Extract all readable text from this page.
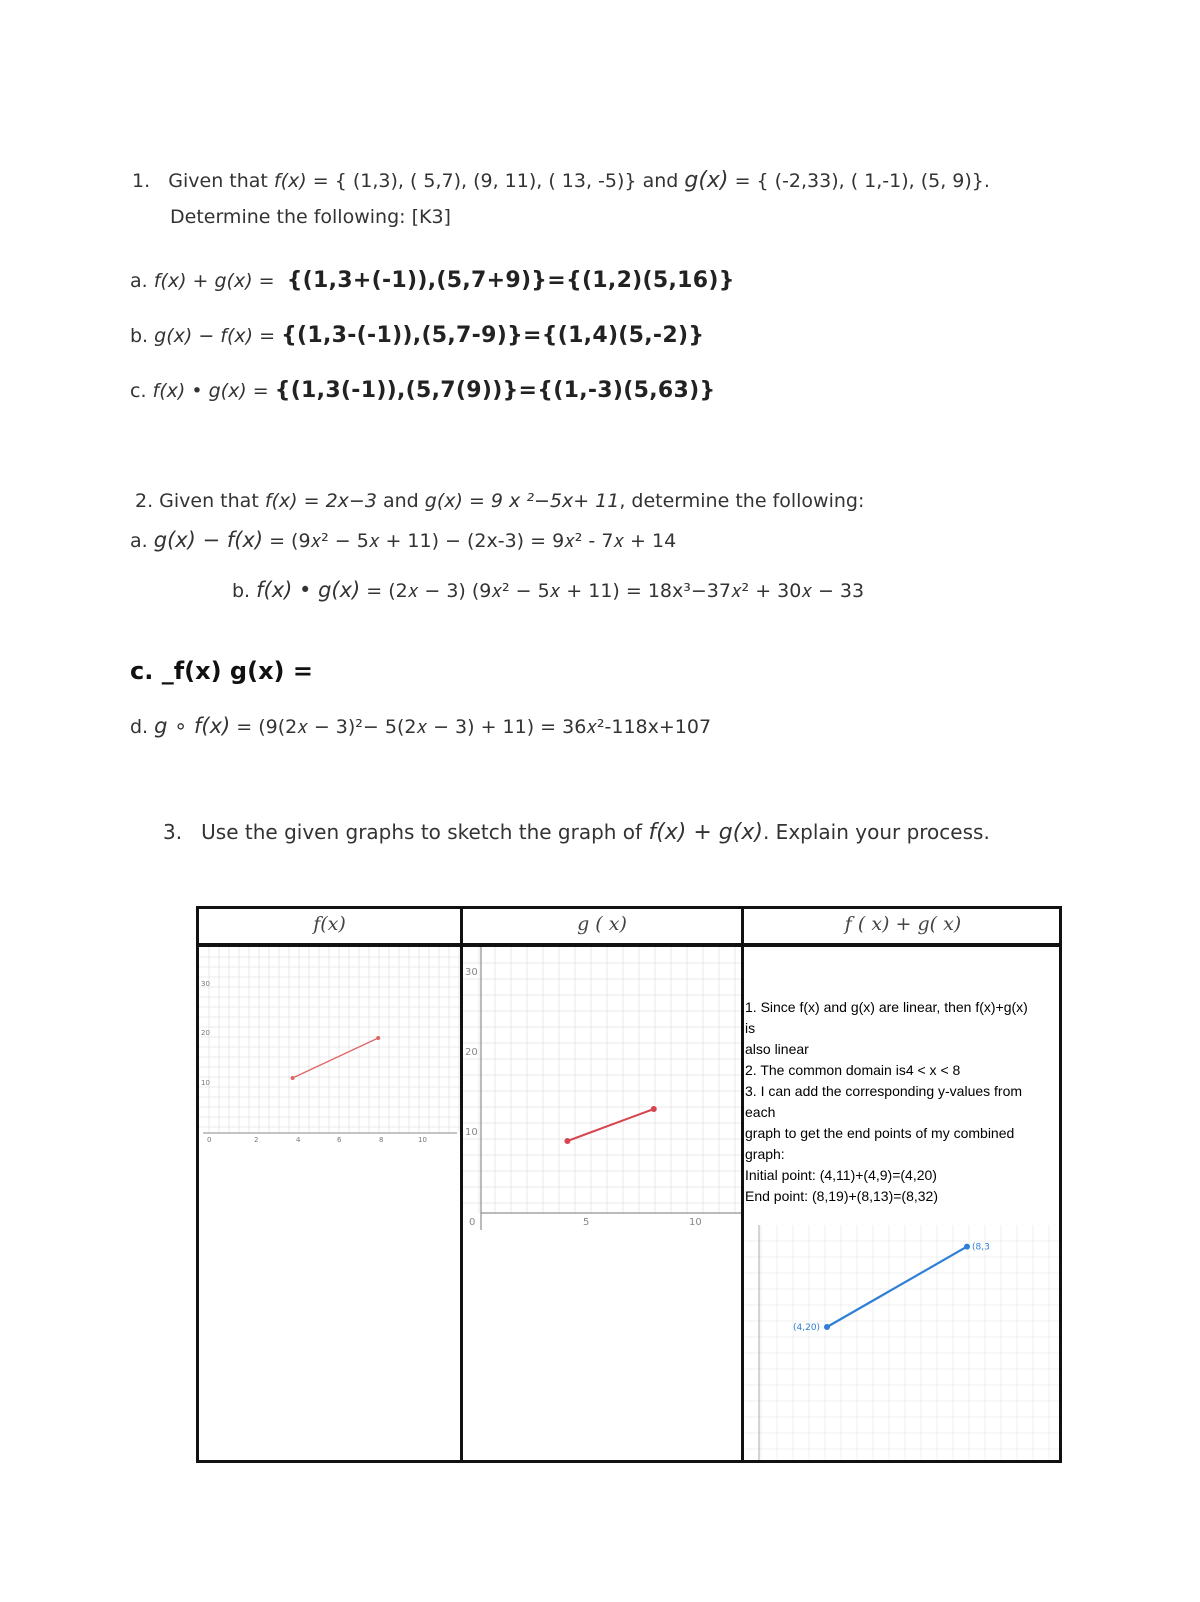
1. Given that f(x) = { (1,3), ( 5,7), (9, 11), ( 13, -5)} and g(x) = { (-2,33), ( 1,-1), (5, 9)}.
Determine the following: [K3]
a. f(x) + g(x) = {(1,3+(-1)),(5,7+9)}={(1,2)(5,16)}
b. g(x) − f(x) = {(1,3-(-1)),(5,7-9)}={(1,4)(5,-2)}
c. f(x) • g(x) = {(1,3(-1)),(5,7(9))}={(1,-3)(5,63)}
2. Given that f(x) = 2x−3 and g(x) = 9 x ²−5x+ 11, determine the following:
a. g(x) − f(x) = (9𝑥² − 5𝑥 + 11) − (2x-3) = 9𝑥² - 7𝑥 + 14
b. f(x) • g(x) = (2𝑥 − 3) (9𝑥² − 5𝑥 + 11) = 18x³−37𝑥² + 30𝑥 − 33
c. _f(x) g(x) =
d. g ∘ f(x) = (9(2𝑥 − 3)²− 5(2𝑥 − 3) + 11) = 36𝑥²-118x+107
3. Use the given graphs to sketch the graph of f(x) + g(x). Explain your process.
f(x)	g ( x)	f ( x) + g( x)
30
20
10
0	2	4	6	8	10
30
20
10
0	5	10
1. Since f(x) and g(x) are linear, then f(x)+g(x)
is
also linear
2. The common domain is4 < x < 8
3. I can add the corresponding y-values from
each
graph to get the end points of my combined
graph:
Initial point: (4,11)+(4,9)=(4,20)
End point: (8,19)+(8,13)=(8,32)
(4,20)
(8,3
